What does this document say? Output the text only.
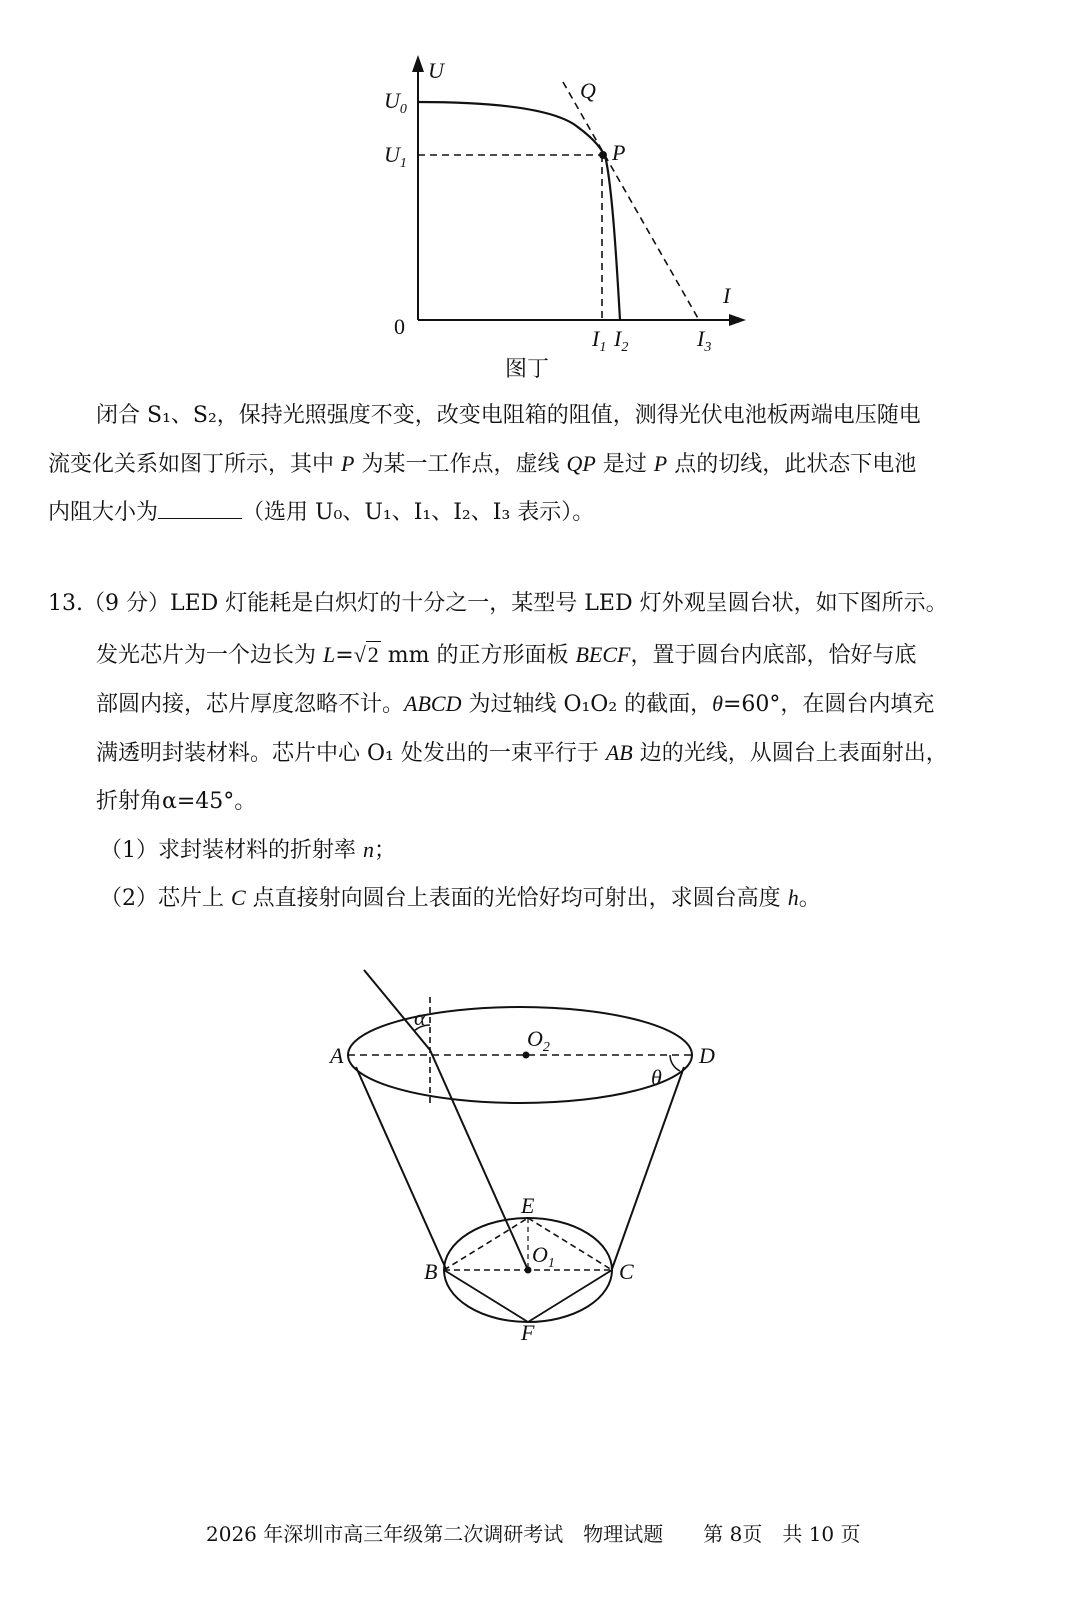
U
I
0
$U_0$
$U_1$
Q
P
$I_1$ $I_2$	$I_3$
图丁
闭合 S₁、S₂，保持光照强度不变，改变电阻箱的阻值，测得光伏电池板两端电压随电
流变化关系如图丁所示，其中 P 为某一工作点，虚线 QP 是过 P 点的切线，此状态下电池
内阻大小为	（选用 U₀、U₁、I₁、I₂、I₃ 表示）。
13.（9 分）LED 灯能耗是白炽灯的十分之一，某型号 LED 灯外观呈圆台状，如下图所示。
发光芯片为一个边长为 L=√2 mm 的正方形面板 BECF，置于圆台内底部，恰好与底
部圆内接，芯片厚度忽略不计。ABCD 为过轴线 O₁O₂ 的截面，θ=60°，在圆台内填充
满透明封装材料。芯片中心 O₁ 处发出的一束平行于 AB 边的光线，从圆台上表面射出，
折射角α=45°。
（1）求封装材料的折射率 n；
（2）芯片上 C 点直接射向圆台上表面的光恰好均可射出，求圆台高度 h。
A	D
B	C
E
F
$O_2$
$O_1$
α
θ
2026 年深圳市高三年级第二次调研考试　物理试题　　第 8页　共 10 页
